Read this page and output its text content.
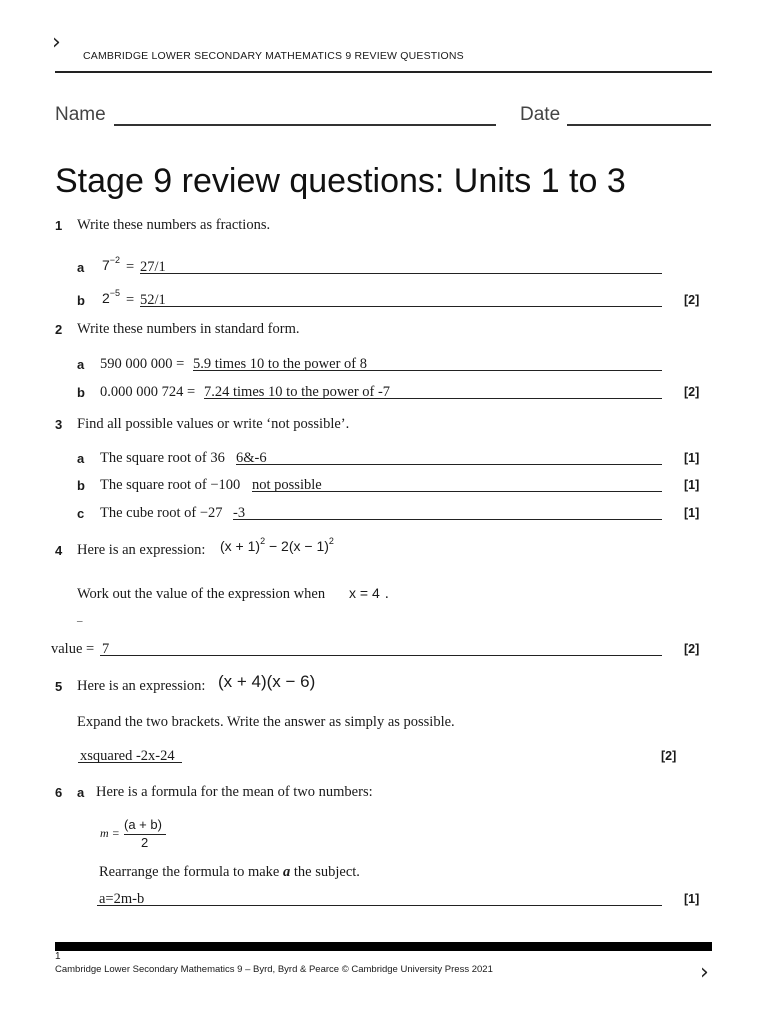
›
CAMBRIDGE LOWER SECONDARY MATHEMATICS 9 REVIEW QUESTIONS
Name	Date
Stage 9 review questions: Units 1 to 3
1 Write these numbers as fractions.
a $7^{-2} = 27/1$
b $2^{-5} = 52/1$	[2]
2 Write these numbers in standard form.
a 590 000 000 = 5.9 times 10 to the power of 8
b 0.000 000 724 = 7.24 times 10 to the power of -7	[2]
3 Find all possible values or write ‘not possible’.
a The square root of 36 6&-6	[1]
b The square root of −100 not possible	[1]
c The cube root of −27 -3	[1]
4 Here is an expression: $(x + 1)^2 - 2(x - 1)^2$
Work out the value of the expression when x = 4 .
–
value = 7	[2]
5 Here is an expression: (x + 4)(x − 6)
Expand the two brackets. Write the answer as simply as possible.
xsquared -2x-24	[2]
6 a Here is a formula for the mean of two numbers:
m =
(a + b)
2
Rearrange the formula to make a the subject.
a=2m-b	[1]
1
Cambridge Lower Secondary Mathematics 9 – Byrd, Byrd & Pearce © Cambridge University Press 2021	›
